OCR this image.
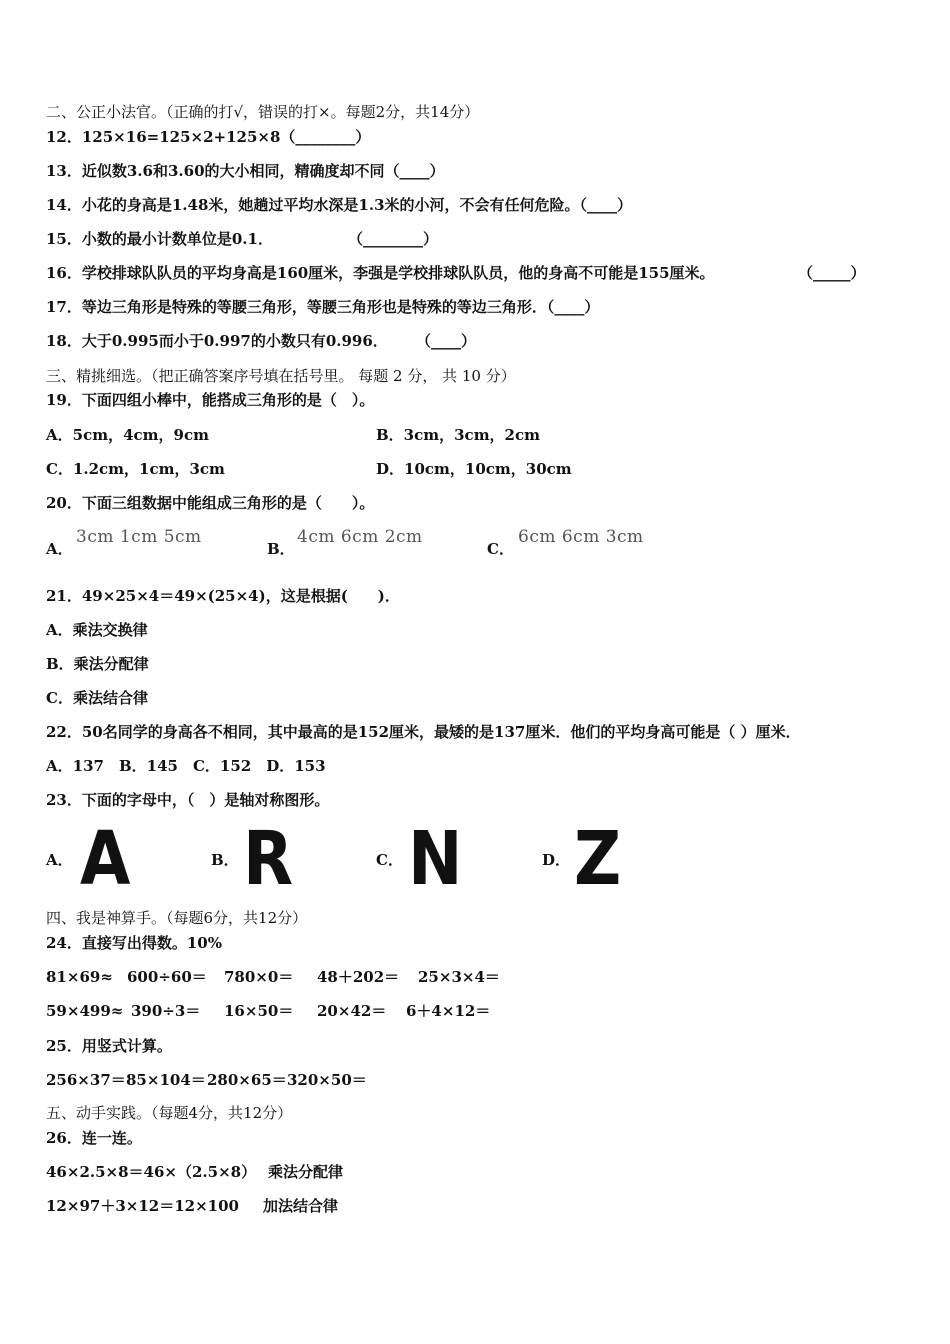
二、公正小法官。（正确的打√，错误的打×。每题2分，共14分）
12．125×16=125×2+125×8（________）
13．近似数3.6和3.60的大小相同，精确度却不同（____）
14．小花的身高是1.48米，她趟过平均水深是1.3米的小河，不会有任何危险。（____）
15．小数的最小计数单位是0.1．	（________）
16．学校排球队队员的平均身高是160厘米，李强是学校排球队队员，他的身高不可能是155厘米。	（_____）
17．等边三角形是特殊的等腰三角形，等腰三角形也是特殊的等边三角形．（____）
18．大于0.995而小于0.997的小数只有0.996． （____）
三、精挑细选。（把正确答案序号填在括号里。 每题 2 分， 共 10 分）
19．下面四组小棒中，能搭成三角形的是（　）。
A．5cm，4cm，9cm	B．3cm，3cm，2cm
C．1.2cm，1cm，3cm	D．10cm，10cm，30cm
20．下面三组数据中能组成三角形的是（　　）。
A．
3cm 1cm 5cm
B．
4cm 6cm 2cm
C．
6cm 6cm 3cm
21．49×25×4＝49×(25×4)，这是根据(　　)．
A．乘法交换律
B．乘法分配律
C．乘法结合律
22．50名同学的身高各不相同，其中最高的是152厘米，最矮的是137厘米．他们的平均身高可能是（ ）厘米．
A．137　B．145　C．152　D．153
23．下面的字母中，（　）是轴对称图形。
A． A	B． R	C． N	D． Z
四、我是神算手。（每题6分，共12分）
24．直接写出得数。10%
81×69≈ 600÷60＝ 780×0＝ 48＋202＝ 25×3×4＝
59×499≈ 390÷3＝ 16×50＝ 20×42＝ 6＋4×12＝
25．用竖式计算。
256×37＝ 85×104＝ 280×65＝ 320×50＝
五、动手实践。（每题4分，共12分）
26．连一连。
46×2.5×8＝46×（2.5×8） 乘法分配律
12×97＋3×12＝12×100 加法结合律
